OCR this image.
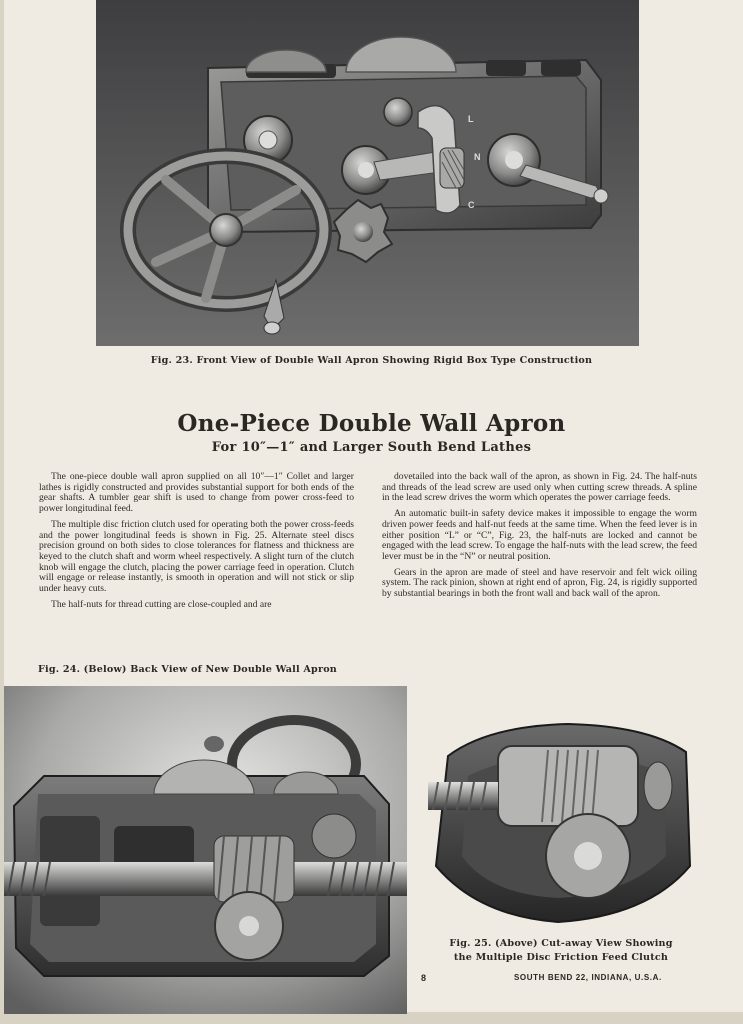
L
N
C
Fig. 23. Front View of Double Wall Apron Showing Rigid Box Type Construction
One-Piece Double Wall Apron
For 10″—1″ and Larger South Bend Lathes

The one-piece double wall apron supplied on all 10″—1″ Collet and larger lathes is rigidly constructed and provides substantial support for both ends of the gear shafts. A tumbler gear shift is used to change from power cross-feed to power longitudinal feed.

The multiple disc friction clutch used for operating both the power cross-feeds and the power longitudinal feeds is shown in Fig. 25. Alternate steel discs precision ground on both sides to close tolerances for flatness and thickness are keyed to the clutch shaft and worm wheel respectively. A slight turn of the clutch knob will engage the clutch, placing the power carriage feed in operation. Clutch will engage or release instantly, is smooth in operation and will not stick or slip under heavy cuts.

The half-nuts for thread cutting are close-coupled and are

dovetailed into the back wall of the apron, as shown in Fig. 24. The half-nuts and threads of the lead screw are used only when cutting screw threads. A spline in the lead screw drives the worm which operates the power carriage feeds.

An automatic built-in safety device makes it impossible to engage the worm driven power feeds and half-nut feeds at the same time. When the feed lever is in either position “L” or “C”, Fig. 23, the half-nuts are locked and cannot be engaged with the lead screw. To engage the half-nuts with the lead screw, the feed lever must be in the “N” or neutral position.

Gears in the apron are made of steel and have reservoir and felt wick oiling system. The rack pinion, shown at right end of apron, Fig. 24, is rigidly supported by substantial bearings in both the front wall and back wall of the apron.

Fig. 24. (Below) Back View of New Double Wall Apron
Fig. 25. (Above) Cut-away View Showing
the Multiple Disc Friction Feed Clutch
8	SOUTH BEND 22, INDIANA, U.S.A.
